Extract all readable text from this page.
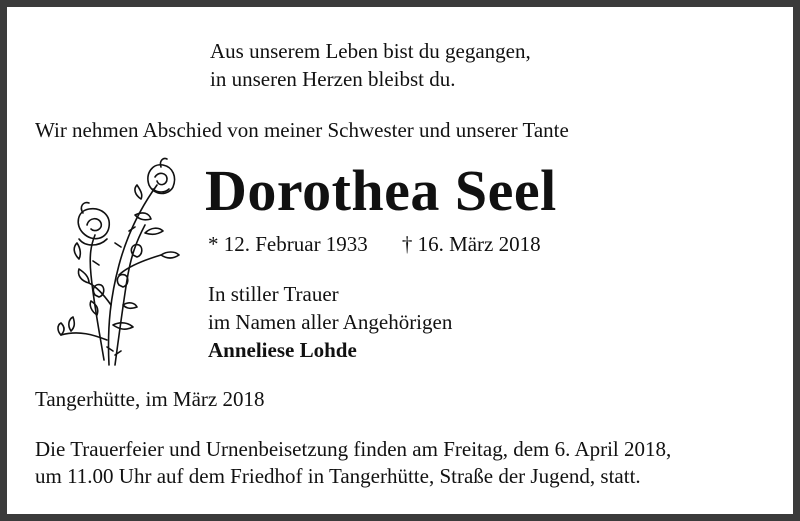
Aus unserem Leben bist du gegangen,
in unseren Herzen bleibst du.
Wir nehmen Abschied von meiner Schwester und unserer Tante
Dorothea Seel
* 12. Februar 1933 † 16. März 2018
In stiller Trauer
im Namen aller Angehörigen
Anneliese Lohde
Tangerhütte, im März 2018
Die Trauerfeier und Urnenbeisetzung finden am Freitag, dem 6. April 2018,
um 11.00 Uhr auf dem Friedhof in Tangerhütte, Straße der Jugend, statt.
